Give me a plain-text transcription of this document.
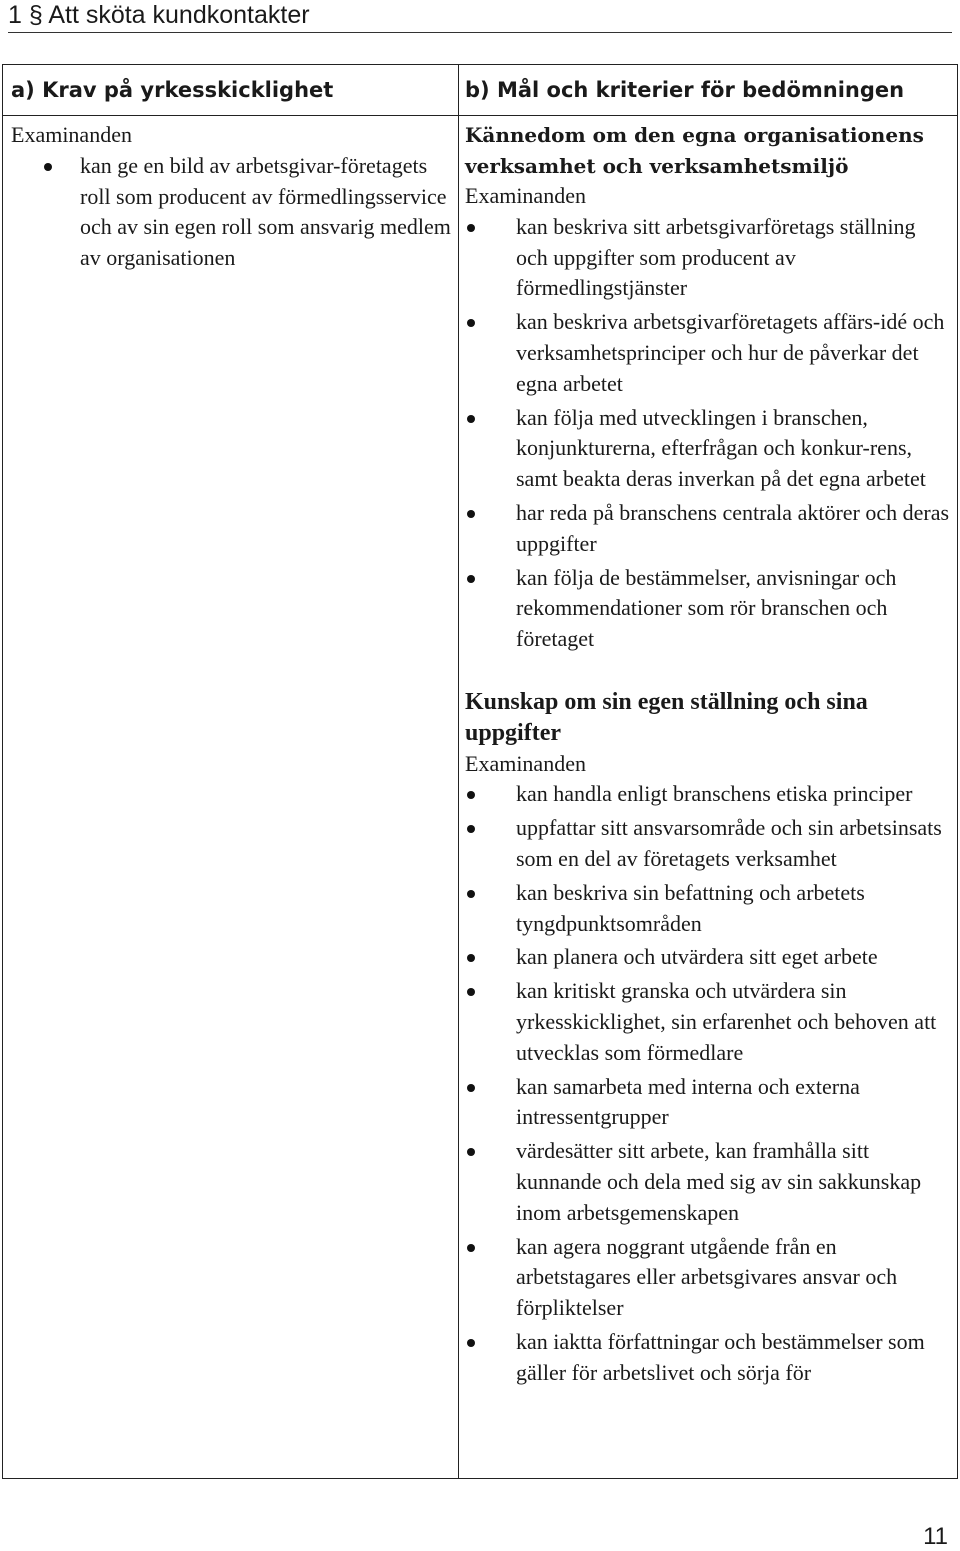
1 § Att sköta kundkontakter
a) Krav på yrkesskicklighet	b) Mål och kriterier för bedömningen
Examinanden
kan ge en bild av arbetsgivar-företagets roll som producent av förmedlingsservice och av sin egen roll som ansvarig medlem av organisationen
Kännedom om den egna organisationens verksamhet och verksamhetsmiljö
Examinanden
kan beskriva sitt arbetsgivarföretags ställning och uppgifter som producent av förmedlingstjänster
kan beskriva arbetsgivarföretagets affärs-idé och verksamhetsprinciper och hur de påverkar det egna arbetet
kan följa med utvecklingen i branschen, konjunkturerna, efterfrågan och konkur-rens, samt beakta deras inverkan på det egna arbetet
har reda på branschens centrala aktörer och deras uppgifter
kan följa de bestämmelser, anvisningar och rekommendationer som rör branschen och företaget
Kunskap om sin egen ställning och sina uppgifter
Examinanden
kan handla enligt branschens etiska principer
uppfattar sitt ansvarsområde och sin arbetsinsats som en del av företagets verksamhet
kan beskriva sin befattning och arbetets tyngdpunktsområden
kan planera och utvärdera sitt eget arbete
kan kritiskt granska och utvärdera sin yrkesskicklighet, sin erfarenhet och behoven att utvecklas som förmedlare
kan samarbeta med interna och externa intressentgrupper
värdesätter sitt arbete, kan framhålla sitt kunnande och dela med sig av sin sakkunskap inom arbetsgemenskapen
kan agera noggrant utgående från en arbetstagares eller arbetsgivares ansvar och förpliktelser
kan iaktta författningar och bestämmelser som gäller för arbetslivet och sörja för
11
